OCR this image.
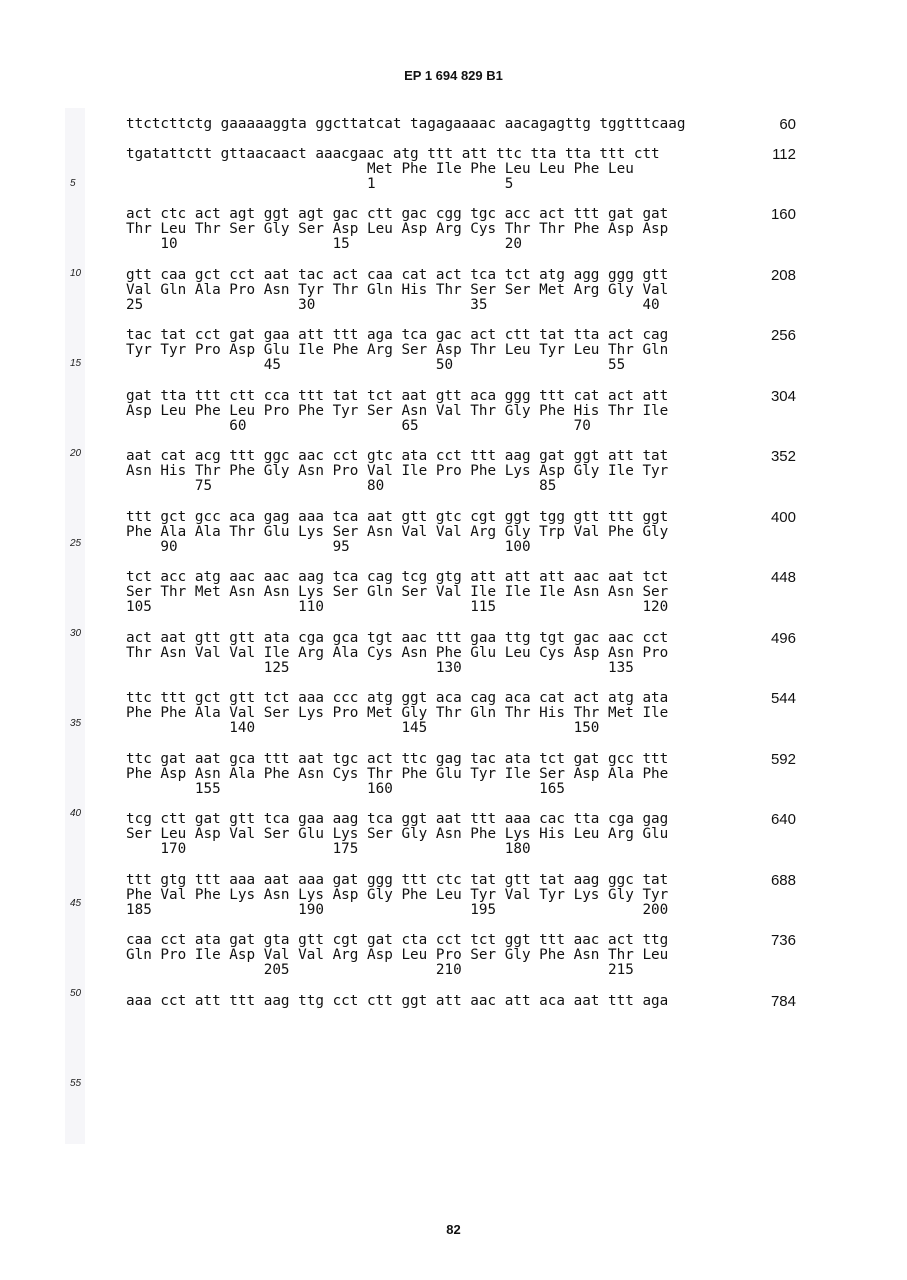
EP 1 694 829 B1
5
10
15
20
25
30
35
40
45
50
55
ttctcttctg gaaaaaggta ggcttatcat tagagaaaac aacagagttg tggtttcaag	60
tgatattctt gttaacaact aaacgaac atg ttt att ttc tta tta ttt ctt
Met Phe Ile Phe Leu Leu Phe Leu
1               5
112
act ctc act agt ggt agt gac ctt gac cgg tgc acc act ttt gat gat
Thr Leu Thr Ser Gly Ser Asp Leu Asp Arg Cys Thr Thr Phe Asp Asp
10                  15                  20
160
gtt caa gct cct aat tac act caa cat act tca tct atg agg ggg gtt
Val Gln Ala Pro Asn Tyr Thr Gln His Thr Ser Ser Met Arg Gly Val
25                  30                  35                  40
208
tac tat cct gat gaa att ttt aga tca gac act ctt tat tta act cag
Tyr Tyr Pro Asp Glu Ile Phe Arg Ser Asp Thr Leu Tyr Leu Thr Gln
45                  50                  55
256
gat tta ttt ctt cca ttt tat tct aat gtt aca ggg ttt cat act att
Asp Leu Phe Leu Pro Phe Tyr Ser Asn Val Thr Gly Phe His Thr Ile
60                  65                  70
304
aat cat acg ttt ggc aac cct gtc ata cct ttt aag gat ggt att tat
Asn His Thr Phe Gly Asn Pro Val Ile Pro Phe Lys Asp Gly Ile Tyr
75                  80                  85
352
ttt gct gcc aca gag aaa tca aat gtt gtc cgt ggt tgg gtt ttt ggt
Phe Ala Ala Thr Glu Lys Ser Asn Val Val Arg Gly Trp Val Phe Gly
90                  95                  100
400
tct acc atg aac aac aag tca cag tcg gtg att att att aac aat tct
Ser Thr Met Asn Asn Lys Ser Gln Ser Val Ile Ile Ile Asn Asn Ser
105                 110                 115                 120
448
act aat gtt gtt ata cga gca tgt aac ttt gaa ttg tgt gac aac cct
Thr Asn Val Val Ile Arg Ala Cys Asn Phe Glu Leu Cys Asp Asn Pro
125                 130                 135
496
ttc ttt gct gtt tct aaa ccc atg ggt aca cag aca cat act atg ata
Phe Phe Ala Val Ser Lys Pro Met Gly Thr Gln Thr His Thr Met Ile
140                 145                 150
544
ttc gat aat gca ttt aat tgc act ttc gag tac ata tct gat gcc ttt
Phe Asp Asn Ala Phe Asn Cys Thr Phe Glu Tyr Ile Ser Asp Ala Phe
155                 160                 165
592
tcg ctt gat gtt tca gaa aag tca ggt aat ttt aaa cac tta cga gag
Ser Leu Asp Val Ser Glu Lys Ser Gly Asn Phe Lys His Leu Arg Glu
170                 175                 180
640
ttt gtg ttt aaa aat aaa gat ggg ttt ctc tat gtt tat aag ggc tat
Phe Val Phe Lys Asn Lys Asp Gly Phe Leu Tyr Val Tyr Lys Gly Tyr
185                 190                 195                 200
688
caa cct ata gat gta gtt cgt gat cta cct tct ggt ttt aac act ttg
Gln Pro Ile Asp Val Val Arg Asp Leu Pro Ser Gly Phe Asn Thr Leu
205                 210                 215
736
aaa cct att ttt aag ttg cct ctt ggt att aac att aca aat ttt aga	784
82
